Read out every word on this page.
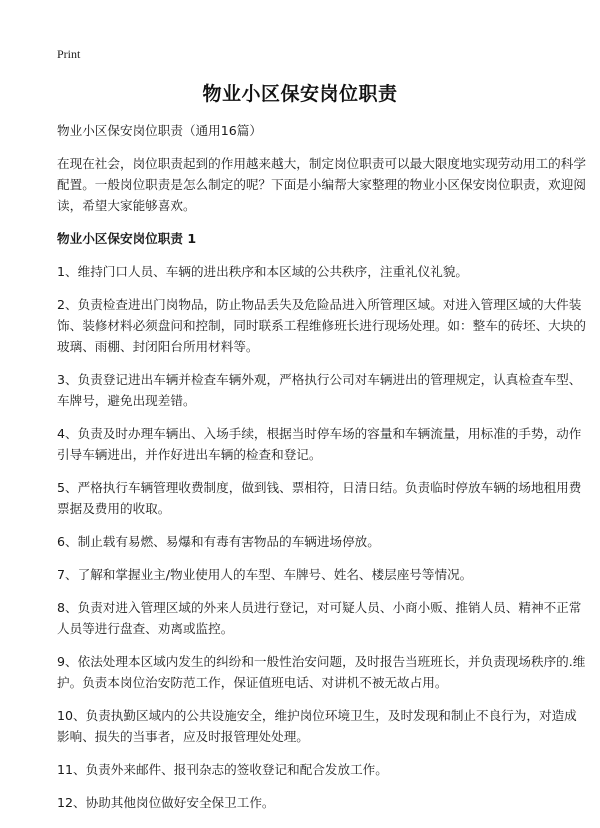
Print
物业小区保安岗位职责

物业小区保安岗位职责（通用16篇）

在现在社会，岗位职责起到的作用越来越大，制定岗位职责可以最大限度地实现劳动用工的科学配置。一般岗位职责是怎么制定的呢？下面是小编帮大家整理的物业小区保安岗位职责，欢迎阅读，希望大家能够喜欢。

物业小区保安岗位职责 1

1、维持门口人员、车辆的进出秩序和本区域的公共秩序，注重礼仪礼貌。

2、负责检查进出门岗物品，防止物品丢失及危险品进入所管理区域。对进入管理区域的大件装饰、装修材料必须盘问和控制，同时联系工程维修班长进行现场处理。如：整车的砖坯、大块的玻璃、雨棚、封闭阳台所用材料等。

3、负责登记进出车辆并检查车辆外观，严格执行公司对车辆进出的管理规定，认真检查车型、车牌号，避免出现差错。

4、负责及时办理车辆出、入场手续，根据当时停车场的容量和车辆流量，用标准的手势，动作引导车辆进出，并作好进出车辆的检查和登记。

5、严格执行车辆管理收费制度，做到钱、票相符，日清日结。负责临时停放车辆的场地租用费票据及费用的收取。

6、制止载有易燃、易爆和有毒有害物品的车辆进场停放。

7、了解和掌握业主/物业使用人的车型、车牌号、姓名、楼层座号等情况。

8、负责对进入管理区域的外来人员进行登记，对可疑人员、小商小贩、推销人员、精神不正常人员等进行盘查、劝离或监控。

9、依法处理本区域内发生的纠纷和一般性治安问题，及时报告当班班长，并负责现场秩序的.维护。负责本岗位治安防范工作，保证值班电话、对讲机不被无故占用。

10、负责执勤区域内的公共设施安全，维护岗位环境卫生，及时发现和制止不良行为，对造成影响、损失的当事者，应及时报管理处处理。

11、负责外来邮件、报刊杂志的签收登记和配合发放工作。

12、协助其他岗位做好安全保卫工作。
